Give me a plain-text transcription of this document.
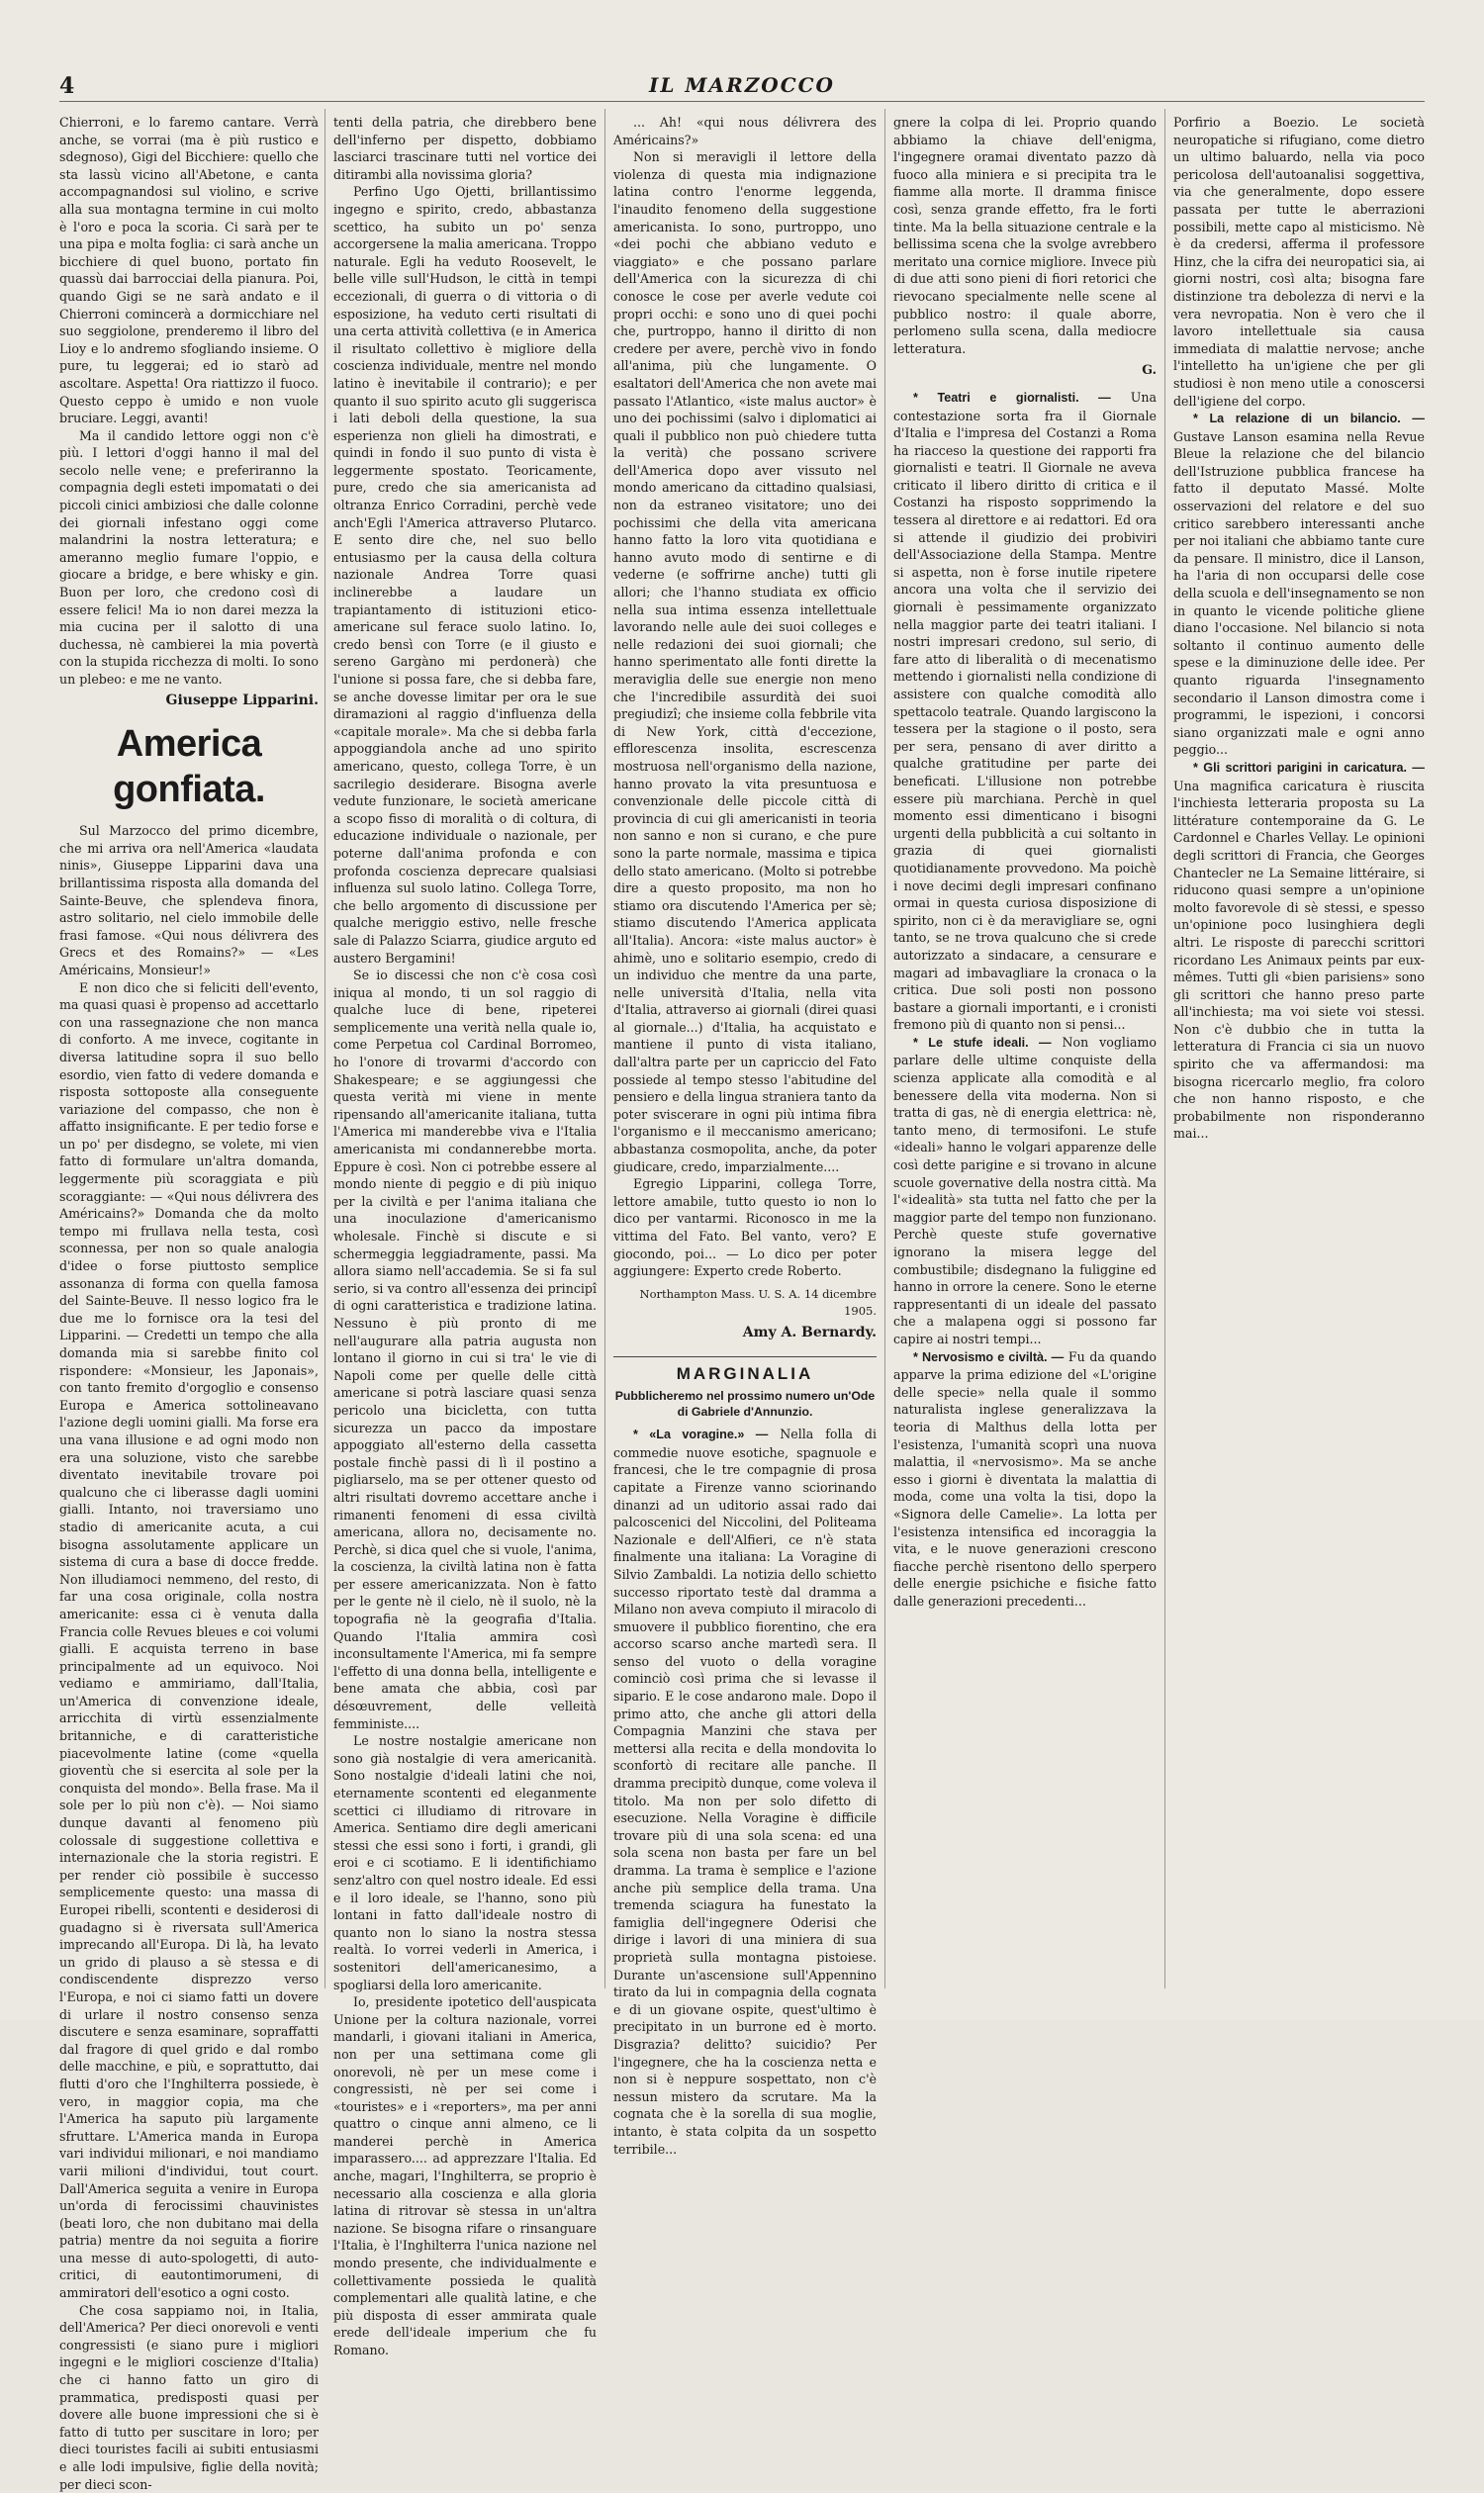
4	IL MARZOCCO

Chierroni, e lo faremo cantare. Verrà anche, se vorrai (ma è più rustico e sdegnoso), Gigi del Bicchiere: quello che sta lassù vicino all'Abetone, e canta accompagnandosi sul violino, e scrive alla sua montagna termine in cui molto è l'oro e poca la scoria. Ci sarà per te una pipa e molta foglia: ci sarà anche un bicchiere di quel buono, portato fin quassù dai barrocciai della pianura. Poi, quando Gigi se ne sarà andato e il Chierroni comincerà a dormicchiare nel suo seggiolone, prenderemo il libro del Lioy e lo andremo sfogliando insieme. O pure, tu leggerai; ed io starò ad ascoltare. Aspetta! Ora riattizzo il fuoco. Questo ceppo è umido e non vuole bruciare. Leggi, avanti!

Ma il candido lettore oggi non c'è più. I lettori d'oggi hanno il mal del secolo nelle vene; e preferiranno la compagnia degli esteti impomatati o dei piccoli cinici ambiziosi che dalle colonne dei giornali infestano oggi come malandrini la nostra letteratura; e ameranno meglio fumare l'oppio, e giocare a bridge, e bere whisky e gin. Buon per loro, che credono così di essere felici! Ma io non darei mezza la mia cucina per il salotto di una duchessa, nè cambierei la mia povertà con la stupida ricchezza di molti. Io sono un plebeo: e me ne vanto.

Giuseppe Lipparini.
America gonfiata.

Sul Marzocco del primo dicembre, che mi arriva ora nell'America «laudata ninis», Giuseppe Lipparini dava una brillantissima risposta alla domanda del Sainte-Beuve, che splendeva finora, astro solitario, nel cielo immobile delle frasi famose. «Qui nous délivrera des Grecs et des Romains?» — «Les Américains, Monsieur!»

E non dico che si feliciti dell'evento, ma quasi quasi è propenso ad accettarlo con una rassegnazione che non manca di conforto. A me invece, cogitante in diversa latitudine sopra il suo bello esordio, vien fatto di vedere domanda e risposta sottoposte alla conseguente variazione del compasso, che non è affatto insignificante. E per tedio forse e un po' per disdegno, se volete, mi vien fatto di formulare un'altra domanda, leggermente più scoraggiata e più scoraggiante: — «Qui nous délivrera des Américains?» Domanda che da molto tempo mi frullava nella testa, così sconnessa, per non so quale analogia d'idee o forse piuttosto semplice assonanza di forma con quella famosa del Sainte-Beuve. Il nesso logico fra le due me lo fornisce ora la tesi del Lipparini. — Credetti un tempo che alla domanda mia si sarebbe finito col rispondere: «Monsieur, les Japonais», con tanto fremito d'orgoglio e consenso Europa e America sottolineavano l'azione degli uomini gialli. Ma forse era una vana illusione e ad ogni modo non era una soluzione, visto che sarebbe diventato inevitabile trovare poi qualcuno che ci liberasse dagli uomini gialli. Intanto, noi traversiamo uno stadio di americanite acuta, a cui bisogna assolutamente applicare un sistema di cura a base di docce fredde. Non illudiamoci nemmeno, del resto, di far una cosa originale, colla nostra americanite: essa ci è venuta dalla Francia colle Revues bleues e coi volumi gialli. E acquista terreno in base principalmente ad un equivoco. Noi vediamo e ammiriamo, dall'Italia, un'America di convenzione ideale, arricchita di virtù essenzialmente britanniche, e di caratteristiche piacevolmente latine (come «quella gioventù che si esercita al sole per la conquista del mondo». Bella frase. Ma il sole per lo più non c'è). — Noi siamo dunque davanti al fenomeno più colossale di suggestione collettiva e internazionale che la storia registri. E per render ciò possibile è successo semplicemente questo: una massa di Europei ribelli, scontenti e desiderosi di guadagno si è riversata sull'America imprecando all'Europa. Di là, ha levato un grido di plauso a sè stessa e di condiscendente disprezzo verso l'Europa, e noi ci siamo fatti un dovere di urlare il nostro consenso senza discutere e senza esaminare, sopraffatti dal fragore di quel grido e dal rombo delle macchine, e più, e soprattutto, dai flutti d'oro che l'Inghilterra possiede, è vero, in maggior copia, ma che l'America ha saputo più largamente sfruttare. L'America manda in Europa vari individui milionari, e noi mandiamo varii milioni d'individui, tout court. Dall'America seguita a venire in Europa un'orda di ferocissimi chauvinistes (beati loro, che non dubitano mai della patria) mentre da noi seguita a fiorire una messe di auto-spologetti, di auto-critici, di eautontimorumeni, di ammiratori dell'esotico a ogni costo.

Che cosa sappiamo noi, in Italia, dell'America? Per dieci onorevoli e venti congressisti (e siano pure i migliori ingegni e le migliori coscienze d'Italia) che ci hanno fatto un giro di prammatica, predisposti quasi per dovere alle buone impressioni che si è fatto di tutto per suscitare in loro; per dieci touristes facili ai subiti entusiasmi e alle lodi impulsive, figlie della novità; per dieci scon-

tenti della patria, che direbbero bene dell'inferno per dispetto, dobbiamo lasciarci trascinare tutti nel vortice dei ditirambi alla novissima gloria?

Perfino Ugo Ojetti, brillantissimo ingegno e spirito, credo, abbastanza scettico, ha subito un po' senza accorgersene la malia americana. Troppo naturale. Egli ha veduto Roosevelt, le belle ville sull'Hudson, le città in tempi eccezionali, di guerra o di vittoria o di esposizione, ha veduto certi risultati di una certa attività collettiva (e in America il risultato collettivo è migliore della coscienza individuale, mentre nel mondo latino è inevitabile il contrario); e per quanto il suo spirito acuto gli suggerisca i lati deboli della questione, la sua esperienza non glieli ha dimostrati, e quindi in fondo il suo punto di vista è leggermente spostato. Teoricamente, pure, credo che sia americanista ad oltranza Enrico Corradini, perchè vede anch'Egli l'America attraverso Plutarco. E sento dire che, nel suo bello entusiasmo per la causa della coltura nazionale Andrea Torre quasi inclinerebbe a laudare un trapiantamento di istituzioni etico-americane sul ferace suolo latino. Io, credo bensì con Torre (e il giusto e sereno Gargàno mi perdonerà) che l'unione si possa fare, che si debba fare, se anche dovesse limitar per ora le sue diramazioni al raggio d'influenza della «capitale morale». Ma che si debba farla appoggiandola anche ad uno spirito americano, questo, collega Torre, è un sacrilegio desiderare. Bisogna averle vedute funzionare, le società americane a scopo fisso di moralità o di coltura, di educazione individuale o nazionale, per poterne dall'anima profonda e con profonda coscienza deprecare qualsiasi influenza sul suolo latino. Collega Torre, che bello argomento di discussione per qualche meriggio estivo, nelle fresche sale di Palazzo Sciarra, giudice arguto ed austero Bergamini!

Se io discessi che non c'è cosa così iniqua al mondo, ti un sol raggio di qualche luce di bene, ripeterei semplicemente una verità nella quale io, come Perpetua col Cardinal Borromeo, ho l'onore di trovarmi d'accordo con Shakespeare; e se aggiungessi che questa verità mi viene in mente ripensando all'americanite italiana, tutta l'America mi manderebbe viva e l'Italia americanista mi condannerebbe morta. Eppure è così. Non ci potrebbe essere al mondo niente di peggio e di più iniquo per la civiltà e per l'anima italiana che una inoculazione d'americanismo wholesale. Finchè si discute e si schermeggia leggiadramente, passi. Ma allora siamo nell'accademia. Se si fa sul serio, si va contro all'essenza dei principî di ogni caratteristica e tradizione latina. Nessuno è più pronto di me nell'augurare alla patria augusta non lontano il giorno in cui si tra' le vie di Napoli come per quelle delle città americane si potrà lasciare quasi senza pericolo una bicicletta, con tutta sicurezza un pacco da impostare appoggiato all'esterno della cassetta postale finchè passi di lì il postino a pigliarselo, ma se per ottener questo od altri risultati dovremo accettare anche i rimanenti fenomeni di essa civiltà americana, allora no, decisamente no. Perchè, si dica quel che si vuole, l'anima, la coscienza, la civiltà latina non è fatta per essere americanizzata. Non è fatto per le gente nè il cielo, nè il suolo, nè la topografia nè la geografia d'Italia. Quando l'Italia ammira così inconsultamente l'America, mi fa sempre l'effetto di una donna bella, intelligente e bene amata che abbia, così par désœuvrement, delle velleità femministe....

Le nostre nostalgie americane non sono già nostalgie di vera americanità. Sono nostalgie d'ideali latini che noi, eternamente scontenti ed eleganmente scettici ci illudiamo di ritrovare in America. Sentiamo dire degli americani stessi che essi sono i forti, i grandi, gli eroi e ci scotiamo. E li identifichiamo senz'altro con quel nostro ideale. Ed essi e il loro ideale, se l'hanno, sono più lontani in fatto dall'ideale nostro di quanto non lo siano la nostra stessa realtà. Io vorrei vederli in America, i sostenitori dell'americanesimo, a spogliarsi della loro americanite.

Io, presidente ipotetico dell'auspicata Unione per la coltura nazionale, vorrei mandarli, i giovani italiani in America, non per una settimana come gli onorevoli, nè per un mese come i congressisti, nè per sei come i «touristes» e i «reporters», ma per anni quattro o cinque anni almeno, ce li manderei perchè in America imparassero.... ad apprezzare l'Italia. Ed anche, magari, l'Inghilterra, se proprio è necessario alla coscienza e alla gloria latina di ritrovar sè stessa in un'altra nazione. Se bisogna rifare o rinsanguare l'Italia, è l'Inghilterra l'unica nazione nel mondo presente, che individualmente e collettivamente possieda le qualità complementari alle qualità latine, e che più disposta di esser ammirata quale erede dell'ideale imperium che fu Romano.

... Ah! «qui nous délivrera des Américains?»

Non si meravigli il lettore della violenza di questa mia indignazione latina contro l'enorme leggenda, l'inaudito fenomeno della suggestione americanista. Io sono, purtroppo, uno «dei pochi che abbiano veduto e viaggiato» e che possano parlare dell'America con la sicurezza di chi conosce le cose per averle vedute coi propri occhi: e sono uno di quei pochi che, purtroppo, hanno il diritto di non credere per avere, perchè vivo in fondo all'anima, più che lungamente. O esaltatori dell'America che non avete mai passato l'Atlantico, «iste malus auctor» è uno dei pochissimi (salvo i diplomatici ai quali il pubblico non può chiedere tutta la verità) che possano scrivere dell'America dopo aver vissuto nel mondo americano da cittadino qualsiasi, non da estraneo visitatore; uno dei pochissimi che della vita americana hanno fatto la loro vita quotidiana e hanno avuto modo di sentirne e di vederne (e soffrirne anche) tutti gli allori; che l'hanno studiata ex officio nella sua intima essenza intellettuale lavorando nelle aule dei suoi colleges e nelle redazioni dei suoi giornali; che hanno sperimentato alle fonti dirette la meraviglia delle sue energie non meno che l'incredibile assurdità dei suoi pregiudizî; che insieme colla febbrile vita di New York, città d'eccezione, efflorescenza insolita, escrescenza mostruosa nell'organismo della nazione, hanno provato la vita presuntuosa e convenzionale delle piccole città di provincia di cui gli americanisti in teoria non sanno e non si curano, e che pure sono la parte normale, massima e tipica dello stato americano. (Molto si potrebbe dire a questo proposito, ma non ho stiamo ora discutendo l'America per sè; stiamo discutendo l'America applicata all'Italia). Ancora: «iste malus auctor» è ahimè, uno e solitario esempio, credo di un individuo che mentre da una parte, nelle università d'Italia, nella vita d'Italia, attraverso ai giornali (direi quasi al giornale...) d'Italia, ha acquistato e mantiene il punto di vista italiano, dall'altra parte per un capriccio del Fato possiede al tempo stesso l'abitudine del pensiero e della lingua straniera tanto da poter sviscerare in ogni più intima fibra l'organismo e il meccanismo americano; abbastanza cosmopolita, anche, da poter giudicare, credo, imparzialmente....

Egregio Lipparini, collega Torre, lettore amabile, tutto questo io non lo dico per vantarmi. Riconosco in me la vittima del Fato. Bel vanto, vero? E giocondo, poi... — Lo dico per poter aggiungere: Experto crede Roberto.

Northampton Mass. U. S. A. 14 dicembre 1905.
Amy A. Bernardy.
MARGINALIA
Pubblicheremo nel prossimo numero un'Ode di Gabriele d'Annunzio.

* «La voragine.» — Nella folla di commedie nuove esotiche, spagnuole e francesi, che le tre compagnie di prosa capitate a Firenze vanno sciorinando dinanzi ad un uditorio assai rado dai palcoscenici del Niccolini, del Politeama Nazionale e dell'Alfieri, ce n'è stata finalmente una italiana: La Voragine di Silvio Zambaldi. La notizia dello schietto successo riportato testè dal dramma a Milano non aveva compiuto il miracolo di smuovere il pubblico fiorentino, che era accorso scarso anche martedì sera. Il senso del vuoto o della voragine cominciò così prima che si levasse il sipario. E le cose andarono male. Dopo il primo atto, che anche gli attori della Compagnia Manzini che stava per mettersi alla recita e della mondovita lo sconfortò di recitare alle panche. Il dramma precipitò dunque, come voleva il titolo. Ma non per solo difetto di esecuzione. Nella Voragine è difficile trovare più di una sola scena: ed una sola scena non basta per fare un bel dramma. La trama è semplice e l'azione anche più semplice della trama. Una tremenda sciagura ha funestato la famiglia dell'ingegnere Oderisi che dirige i lavori di una miniera di sua proprietà sulla montagna pistoiese. Durante un'ascensione sull'Appennino tirato da lui in compagnia della cognata e di un giovane ospite, quest'ultimo è precipitato in un burrone ed è morto. Disgrazia? delitto? suicidio? Per l'ingegnere, che ha la coscienza netta e non si è neppure sospettato, non c'è nessun mistero da scrutare. Ma la cognata che è la sorella di sua moglie, intanto, è stata colpita da un sospetto terribile...

gnere la colpa di lei. Proprio quando abbiamo la chiave dell'enigma, l'ingegnere oramai diventato pazzo dà fuoco alla miniera e si precipita tra le fiamme alla morte. Il dramma finisce così, senza grande effetto, fra le forti tinte. Ma la bella situazione centrale e la bellissima scena che la svolge avrebbero meritato una cornice migliore. Invece più di due atti sono pieni di fiori retorici che rievocano specialmente nelle scene al pubblico nostro: il quale aborre, perlomeno sulla scena, dalla mediocre letteratura.

G.

* Teatri e giornalisti. — Una contestazione sorta fra il Giornale d'Italia e l'impresa del Costanzi a Roma ha riacceso la questione dei rapporti fra giornalisti e teatri. Il Giornale ne aveva criticato il libero diritto di critica e il Costanzi ha risposto sopprimendo la tessera al direttore e ai redattori. Ed ora si attende il giudizio dei probiviri dell'Associazione della Stampa. Mentre si aspetta, non è forse inutile ripetere ancora una volta che il servizio dei giornali è pessimamente organizzato nella maggior parte dei teatri italiani. I nostri impresari credono, sul serio, di fare atto di liberalità o di mecenatismo mettendo i giornalisti nella condizione di assistere con qualche comodità allo spettacolo teatrale. Quando largiscono la tessera per la stagione o il posto, sera per sera, pensano di aver diritto a qualche gratitudine per parte dei beneficati. L'illusione non potrebbe essere più marchiana. Perchè in quel momento essi dimenticano i bisogni urgenti della pubblicità a cui soltanto in grazia di quei giornalisti quotidianamente provvedono. Ma poichè i nove decimi degli impresari confinano ormai in questa curiosa disposizione di spirito, non ci è da meravigliare se, ogni tanto, se ne trova qualcuno che si crede autorizzato a sindacare, a censurare e magari ad imbavagliare la cronaca o la critica. Due soli posti non possono bastare a giornali importanti, e i cronisti fremono più di quanto non si pensi...

* Le stufe ideali. — Non vogliamo parlare delle ultime conquiste della scienza applicate alla comodità e al benessere della vita moderna. Non si tratta di gas, nè di energia elettrica: nè, tanto meno, di termosifoni. Le stufe «ideali» hanno le volgari apparenze delle così dette parigine e si trovano in alcune scuole governative della nostra città. Ma l'«idealità» sta tutta nel fatto che per la maggior parte del tempo non funzionano. Perchè queste stufe governative ignorano la misera legge del combustibile; disdegnano la fuliggine ed hanno in orrore la cenere. Sono le eterne rappresentanti di un ideale del passato che a malapena oggi si possono far capire ai nostri tempi...

* Nervosismo e civiltà. — Fu da quando apparve la prima edizione del «L'origine delle specie» nella quale il sommo naturalista inglese generalizzava la teoria di Malthus della lotta per l'esistenza, l'umanità scoprì una nuova malattia, il «nervosismo». Ma se anche esso i giorni è diventata la malattia di moda, come una volta la tisi, dopo la «Signora delle Camelie». La lotta per l'esistenza intensifica ed incoraggia la vita, e le nuove generazioni crescono fiacche perchè risentono dello sperpero delle energie psichiche e fisiche fatto dalle generazioni precedenti...

Porfirio a Boezio. Le società neuropatiche si rifugiano, come dietro un ultimo baluardo, nella via poco pericolosa dell'autoanalisi soggettiva, via che generalmente, dopo essere passata per tutte le aberrazioni possibili, mette capo al misticismo. Nè è da credersi, afferma il professore Hinz, che la cifra dei neuropatici sia, ai giorni nostri, così alta; bisogna fare distinzione tra debolezza di nervi e la vera nevropatia. Non è vero che il lavoro intellettuale sia causa immediata di malattie nervose; anche l'intelletto ha un'igiene che per gli studiosi è non meno utile a conoscersi dell'igiene del corpo.

* La relazione di un bilancio. — Gustave Lanson esamina nella Revue Bleue la relazione che del bilancio dell'Istruzione pubblica francese ha fatto il deputato Massé. Molte osservazioni del relatore e del suo critico sarebbero interessanti anche per noi italiani che abbiamo tante cure da pensare. Il ministro, dice il Lanson, ha l'aria di non occuparsi delle cose della scuola e dell'insegnamento se non in quanto le vicende politiche gliene diano l'occasione. Nel bilancio si nota soltanto il continuo aumento delle spese e la diminuzione delle idee. Per quanto riguarda l'insegnamento secondario il Lanson dimostra come i programmi, le ispezioni, i concorsi siano organizzati male e ogni anno peggio...

* Gli scrittori parigini in caricatura. — Una magnifica caricatura è riuscita l'inchiesta letteraria proposta su La littérature contemporaine da G. Le Cardonnel e Charles Vellay. Le opinioni degli scrittori di Francia, che Georges Chantecler ne La Semaine littéraire, si riducono quasi sempre a un'opinione molto favorevole di sè stessi, e spesso un'opinione poco lusinghiera degli altri. Le risposte di parecchi scrittori ricordano Les Animaux peints par eux-mêmes. Tutti gli «bien parisiens» sono gli scrittori che hanno preso parte all'inchiesta; ma voi siete voi stessi. Non c'è dubbio che in tutta la letteratura di Francia ci sia un nuovo spirito che va affermandosi: ma bisogna ricercarlo meglio, fra coloro che non hanno risposto, e che probabilmente non risponderanno mai...
